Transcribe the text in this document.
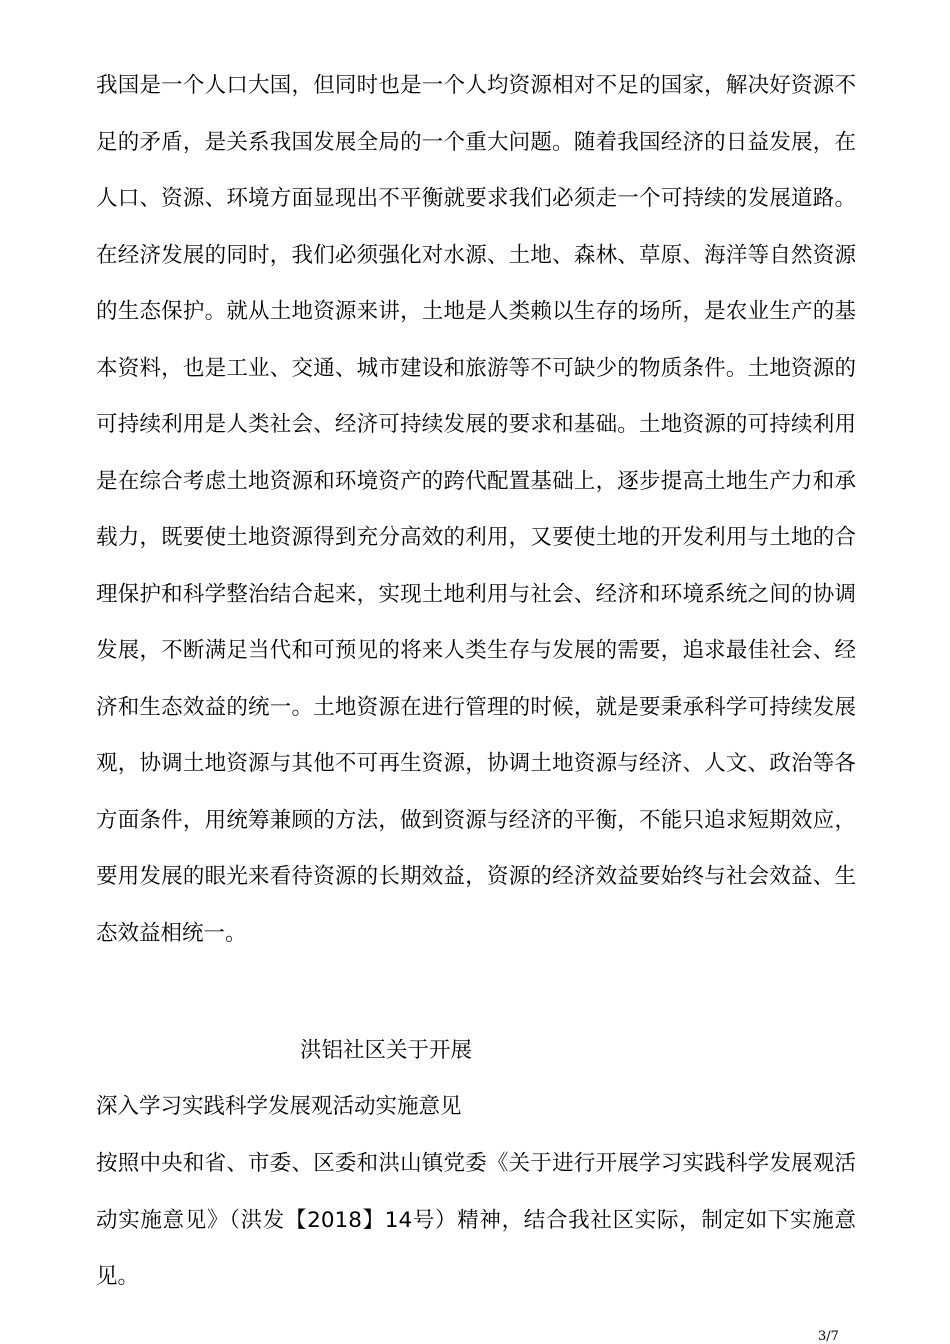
我国是一个人口大国，但同时也是一个人均资源相对不足的国家，解决好资源不足的矛盾，是关系我国发展全局的一个重大问题。随着我国经济的日益发展，在人口、资源、环境方面显现出不平衡就要求我们必须走一个可持续的发展道路。在经济发展的同时，我们必须强化对水源、土地、森林、草原、海洋等自然资源的生态保护。就从土地资源来讲，土地是人类赖以生存的场所，是农业生产的基本资料，也是工业、交通、城市建设和旅游等不可缺少的物质条件。土地资源的可持续利用是人类社会、经济可持续发展的要求和基础。土地资源的可持续利用是在综合考虑土地资源和环境资产的跨代配置基础上，逐步提高土地生产力和承载力，既要使土地资源得到充分高效的利用，又要使土地的开发利用与土地的合理保护和科学整治结合起来，实现土地利用与社会、经济和环境系统之间的协调发展，不断满足当代和可预见的将来人类生存与发展的需要，追求最佳社会、经济和生态效益的统一。土地资源在进行管理的时候，就是要秉承科学可持续发展观，协调土地资源与其他不可再生资源，协调土地资源与经济、人文、政治等各方面条件，用统筹兼顾的方法，做到资源与经济的平衡，不能只追求短期效应，要用发展的眼光来看待资源的长期效益，资源的经济效益要始终与社会效益、生态效益相统一。

洪铝社区关于开展

深入学习实践科学发展观活动实施意见

按照中央和省、市委、区委和洪山镇党委《关于进行开展学习实践科学发展观活动实施意见》（洪发【2018】14号）精神，结合我社区实际，制定如下实施意见。

3/7
